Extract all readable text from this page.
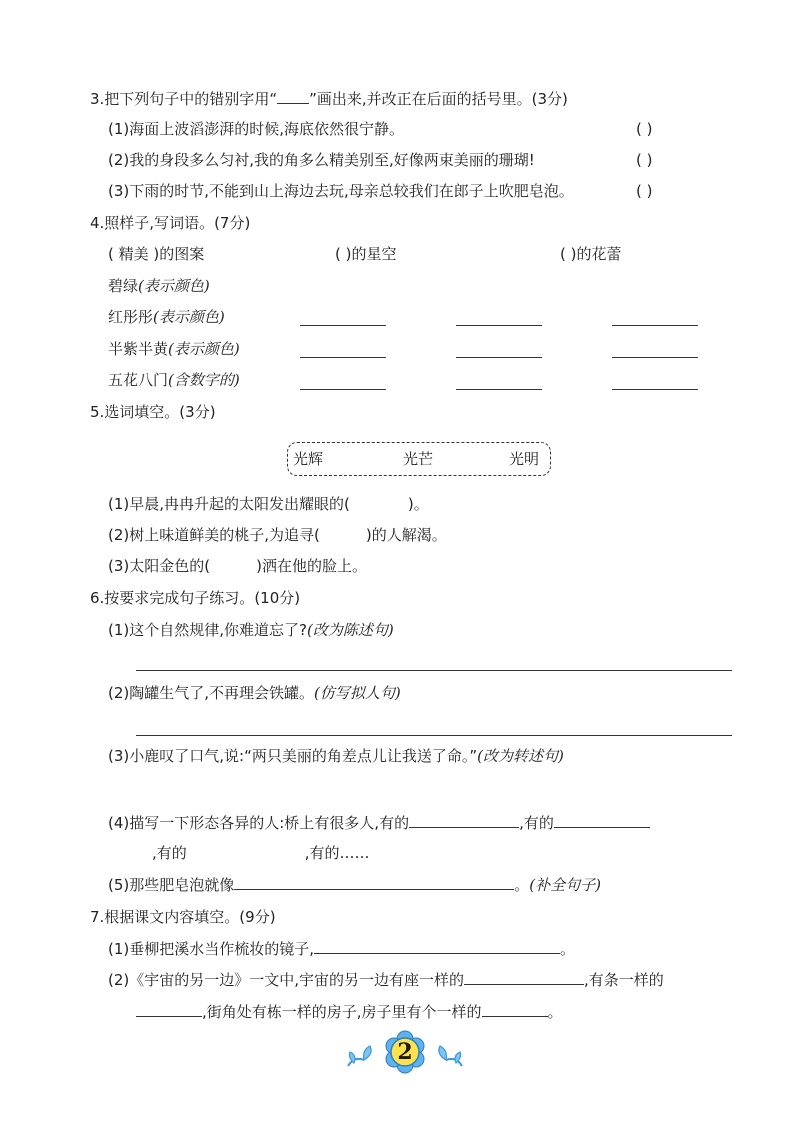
3.把下列句子中的错别字用“ ”画出来,并改正在后面的括号里。(3分)
(1)海面上波滔澎湃的时候,海底依然很宁静。	( )
(2)我的身段多么匀衬,我的角多么精美别至,好像两束美丽的珊瑚!	( )
(3)下雨的时节,不能到山上海边去玩,母亲总较我们在郎子上吹肥皂泡。	( )
4.照样子,写词语。(7分)
( 精美 )的图案	( )的星空	( )的花蕾
碧绿(表示颜色)
红彤彤(表示颜色)
半紫半黄(表示颜色)
五花八门(含数字的)
5.选词填空。(3分)
光辉	光芒	光明
(1)早晨,冉冉升起的太阳发出耀眼的(	)。
(2)树上味道鲜美的桃子,为追寻(	)的人解渴。
(3)太阳金色的(	)洒在他的脸上。
6.按要求完成句子练习。(10分)
(1)这个自然规律,你难道忘了?(改为陈述句)
(2)陶罐生气了,不再理会铁罐。(仿写拟人句)
(3)小鹿叹了口气,说:“两只美丽的角差点儿让我送了命。”(改为转述句)
(4)描写一下形态各异的人:桥上有很多人,有的	,有的
,有的	,有的……
(5)那些肥皂泡就像	。(补全句子)
7.根据课文内容填空。(9分)
(1)垂柳把溪水当作梳妆的镜子,	。
(2)《宇宙的另一边》一文中,宇宙的另一边有座一样的	,有条一样的
,街角处有栋一样的房子,房子里有个一样的	。
2
